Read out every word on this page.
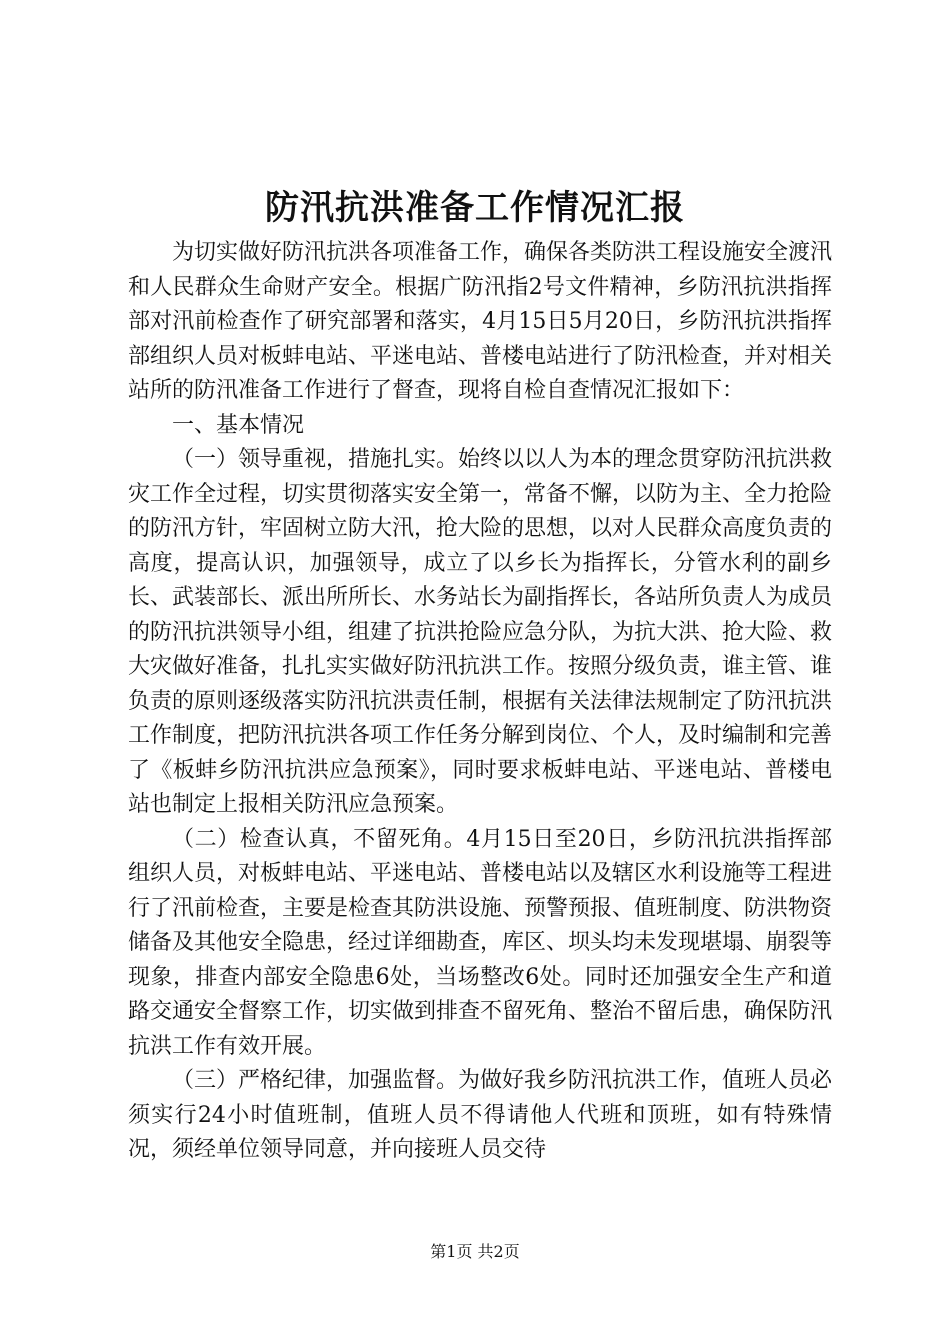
防汛抗洪准备工作情况汇报

为切实做好防汛抗洪各项准备工作，确保各类防洪工程设施安全渡汛和人民群众生命财产安全。根据广防汛指2号文件精神，乡防汛抗洪指挥部对汛前检查作了研究部署和落实，4月15日5月20日，乡防汛抗洪指挥部组织人员对板蚌电站、平迷电站、普楼电站进行了防汛检查，并对相关站所的防汛准备工作进行了督查，现将自检自查情况汇报如下：

一、基本情况

（一）领导重视，措施扎实。始终以以人为本的理念贯穿防汛抗洪救灾工作全过程，切实贯彻落实安全第一，常备不懈，以防为主、全力抢险的防汛方针，牢固树立防大汛，抢大险的思想，以对人民群众高度负责的高度，提高认识，加强领导，成立了以乡长为指挥长，分管水利的副乡长、武装部长、派出所所长、水务站长为副指挥长，各站所负责人为成员的防汛抗洪领导小组，组建了抗洪抢险应急分队，为抗大洪、抢大险、救大灾做好准备，扎扎实实做好防汛抗洪工作。按照分级负责，谁主管、谁负责的原则逐级落实防汛抗洪责任制，根据有关法律法规制定了防汛抗洪工作制度，把防汛抗洪各项工作任务分解到岗位、个人，及时编制和完善了《板蚌乡防汛抗洪应急预案》，同时要求板蚌电站、平迷电站、普楼电站也制定上报相关防汛应急预案。

（二）检查认真，不留死角。4月15日至20日，乡防汛抗洪指挥部组织人员，对板蚌电站、平迷电站、普楼电站以及辖区水利设施等工程进行了汛前检查，主要是检查其防洪设施、预警预报、值班制度、防洪物资储备及其他安全隐患，经过详细勘查，库区、坝头均未发现堪塌、崩裂等现象，排查内部安全隐患6处，当场整改6处。同时还加强安全生产和道路交通安全督察工作，切实做到排查不留死角、整治不留后患，确保防汛抗洪工作有效开展。

（三）严格纪律，加强监督。为做好我乡防汛抗洪工作，值班人员必须实行24小时值班制，值班人员不得请他人代班和顶班，如有特殊情况，须经单位领导同意，并向接班人员交待

第1页 共2页
